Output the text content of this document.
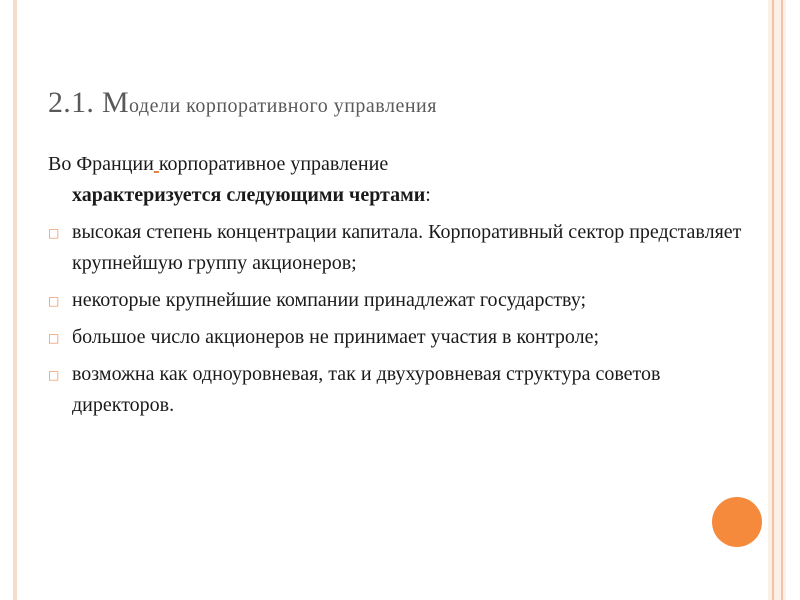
2.1. Модели корпоративного управления

Во Франции корпоративное управление
характеризуется следующими чертами:

□ высокая степень концентрации капитала. Корпоративный сектор представляет крупнейшую группу акционеров;
□ некоторые крупнейшие компании принадлежат государству;
□ большое число акционеров не принимает участия в контроле;
□ возможна как одноуровневая, так и двухуровневая структура советов директоров.
